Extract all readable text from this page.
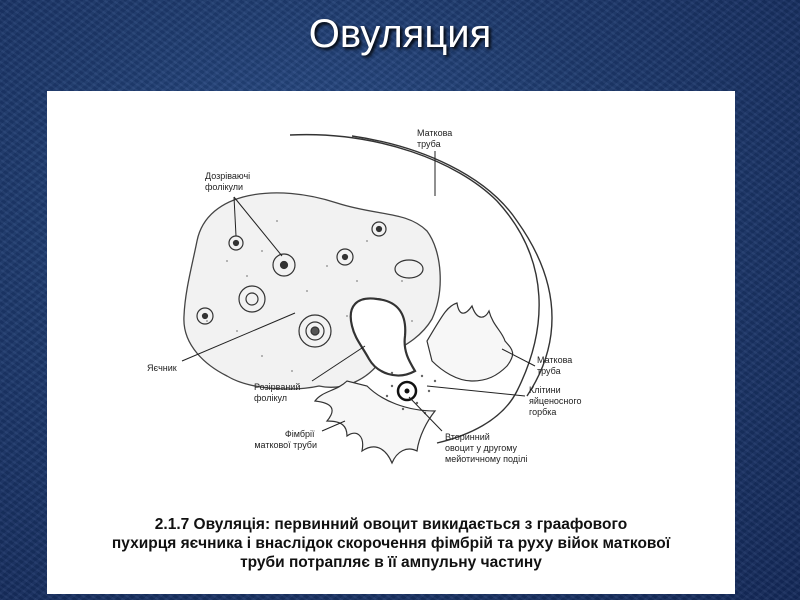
Овуляция
Маткова труба
Дозріваючі фолікули
Яєчник
Розірваний фолікул
Фімбрії маткової труби
Маткова труба
Клітини яйценосного горбка
Вторинний овоцит у другому мейотичному поділі
2.1.7 Овуляція: первинний овоцит викидається з граафового
пухирця яєчника і внаслідок скорочення фімбрій та руху війок маткової
труби потрапляє в її ампульну частину
